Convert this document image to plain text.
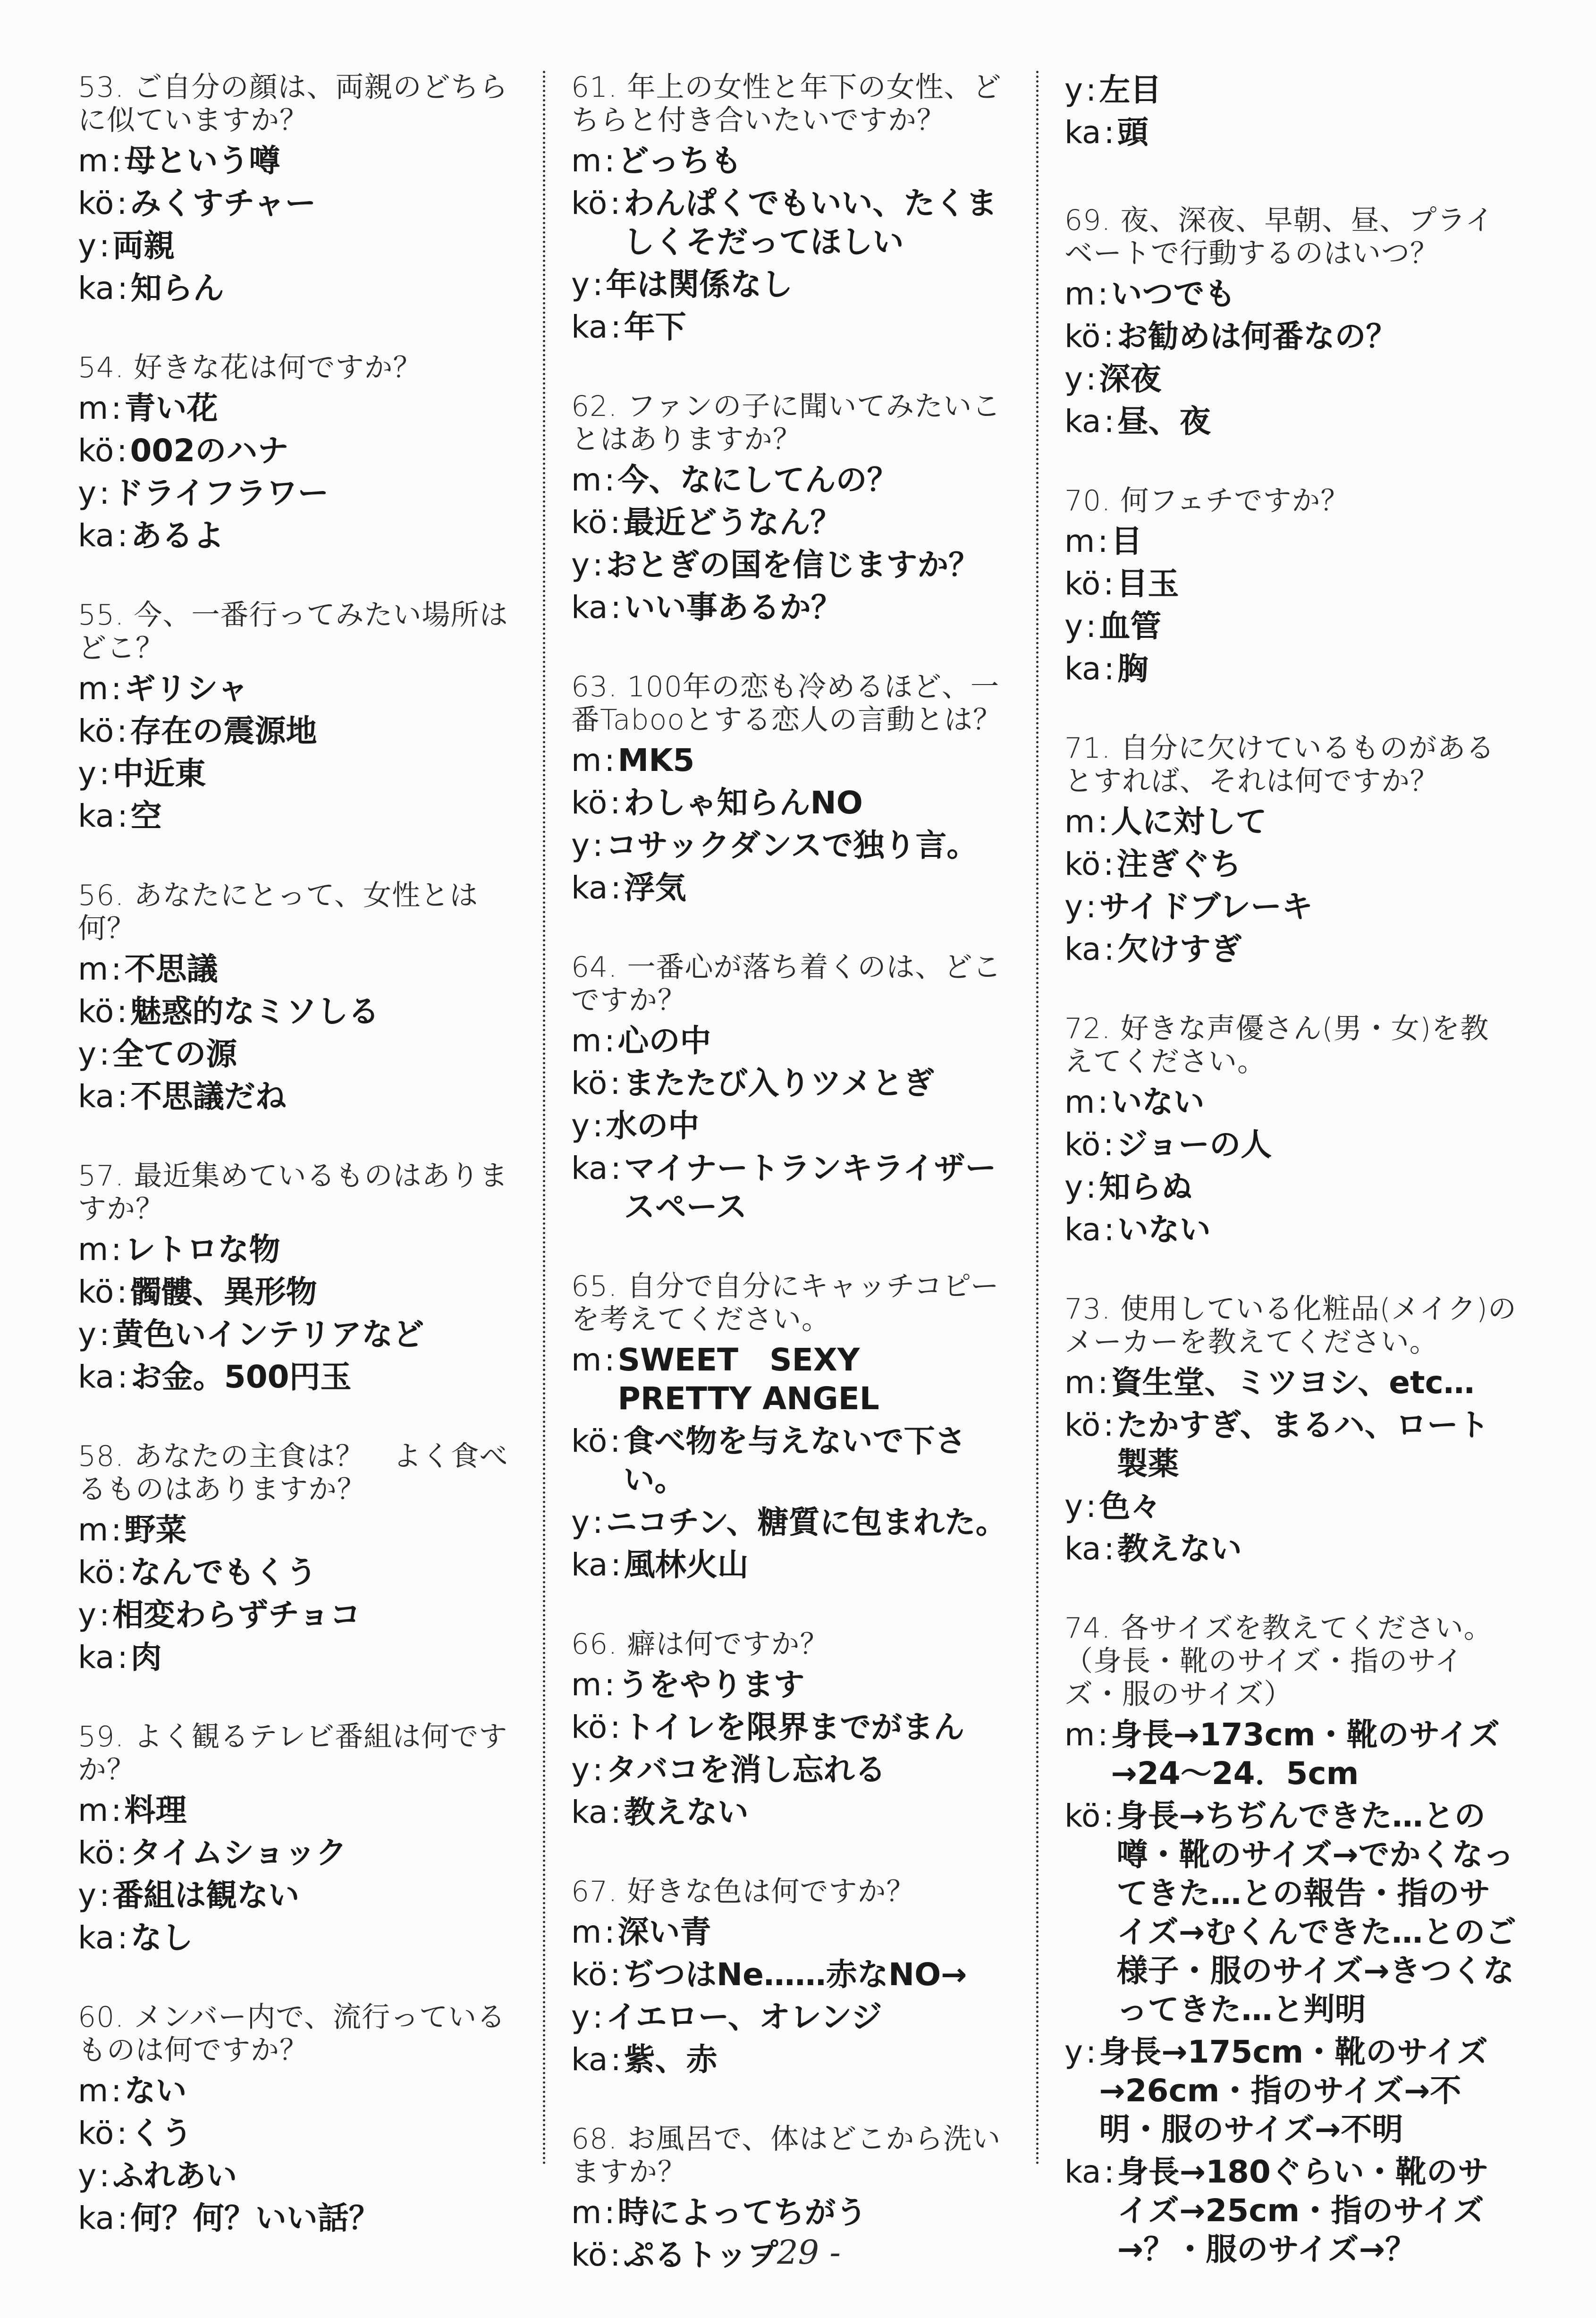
53. ご自分の顔は、両親のどちらに似ていますか？
m : 母という噂
kö : みくすチャー
y : 両親
ka : 知らん
54. 好きな花は何ですか？
m : 青い花
kö : 002のハナ
y : ドライフラワー
ka : あるよ
55. 今、一番行ってみたい場所はどこ？
m : ギリシャ
kö : 存在の震源地
y : 中近東
ka : 空
56. あなたにとって、女性とは何？
m : 不思議
kö : 魅惑的なミソしる
y : 全ての源
ka : 不思議だね
57. 最近集めているものはありますか？
m : レトロな物
kö : 髑髏、異形物
y : 黄色いインテリアなど
ka : お金。500円玉
58. あなたの主食は？　よく食べるものはありますか？
m : 野菜
kö : なんでもくう
y : 相変わらずチョコ
ka : 肉
59. よく観るテレビ番組は何ですか？
m : 料理
kö : タイムショック
y : 番組は観ない
ka : なし
60. メンバー内で、流行っているものは何ですか？
m : ない
kö : くう
y : ふれあい
ka : 何？何？いい話？
61. 年上の女性と年下の女性、どちらと付き合いたいですか？
m : どっちも
kö : わんぱくでもいい、たくましくそだってほしい
y : 年は関係なし
ka : 年下
62. ファンの子に聞いてみたいことはありますか？
m : 今、なにしてんの？
kö : 最近どうなん？
y : おとぎの国を信じますか？
ka : いい事あるか？
63. 100年の恋も冷めるほど、一番Tabooとする恋人の言動とは？
m : MK5
kö : わしゃ知らんNO
y : コサックダンスで独り言。
ka : 浮気
64. 一番心が落ち着くのは、どこですか？
m : 心の中
kö : またたび入りツメとぎ
y : 水の中
ka : マイナートランキライザースペース
65. 自分で自分にキャッチコピーを考えてください。
m : SWEET　SEXY　PRETTY ANGEL
kö : 食べ物を与えないで下さい。
y : ニコチン、糖質に包まれた。
ka : 風林火山
66. 癖は何ですか？
m : うをやります
kö : トイレを限界までがまん
y : タバコを消し忘れる
ka : 教えない
67. 好きな色は何ですか？
m : 深い青
kö : ぢつはNe……赤なNO→
y : イエロー、オレンジ
ka : 紫、赤
68. お風呂で、体はどこから洗いますか？
m : 時によってちがう
kö : ぷるトップ
y : 左目
ka : 頭
69. 夜、深夜、早朝、昼、プライベートで行動するのはいつ？
m : いつでも
kö : お勧めは何番なの？
y : 深夜
ka : 昼、夜
70. 何フェチですか？
m : 目
kö : 目玉
y : 血管
ka : 胸
71. 自分に欠けているものがあるとすれば、それは何ですか？
m : 人に対して
kö : 注ぎぐち
y : サイドブレーキ
ka : 欠けすぎ
72. 好きな声優さん(男・女)を教えてください。
m : いない
kö : ジョーの人
y : 知らぬ
ka : いない
73. 使用している化粧品(メイク)のメーカーを教えてください。
m : 資生堂、ミツヨシ、etc…
kö : たかすぎ、まるハ、ロート製薬
y : 色々
ka : 教えない
74. 各サイズを教えてください。（身長・靴のサイズ・指のサイズ・服のサイズ）
m : 身長→173cm・靴のサイズ→24〜24．5cm
kö : 身長→ちぢんできた…との噂・靴のサイズ→でかくなってきた…との報告・指のサイズ→むくんできた…とのご様子・服のサイズ→きつくなってきた…と判明
y : 身長→175cm・靴のサイズ→26cm・指のサイズ→不明・服のサイズ→不明
ka : 身長→180ぐらい・靴のサイズ→25cm・指のサイズ→？・服のサイズ→？
- 29 -
